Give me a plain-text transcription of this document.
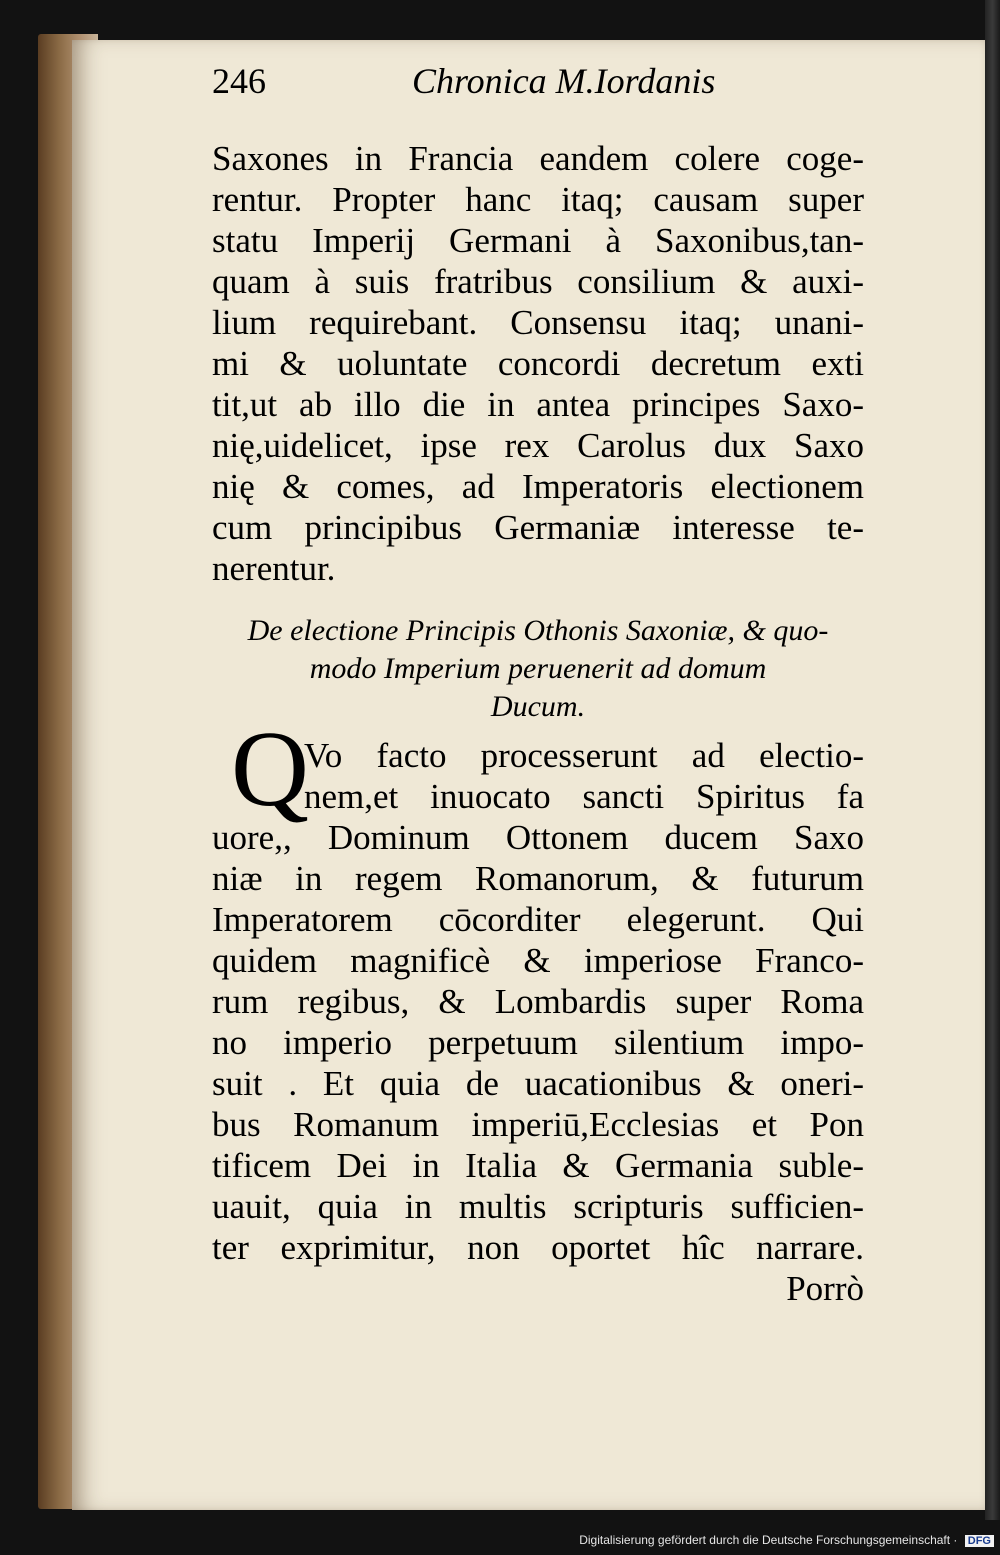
246	Chronica M.Iordanis
Saxones in Francia eandem colere coge-
rentur. Propter hanc itaq; causam super
statu Imperij Germani à Saxonibus,tan-
quam à suis fratribus consilium & auxi-
lium requirebant. Consensu itaq; unani-
mi & uoluntate concordi decretum exti
tit,ut ab illo die in antea principes Saxo-
nię,uidelicet, ipse rex Carolus dux Saxo
nię & comes, ad Imperatoris electionem
cum principibus Germaniæ interesse te-
nerentur.
De electione Principis Othonis Saxoniæ, & quo-
modo Imperium peruenerit ad domum
Ducum.
Q
Vo facto processerunt ad electio-
nem,et inuocato sancti Spiritus fa
uore,, Dominum Ottonem ducem Saxo
niæ in regem Romanorum, & futurum
Imperatorem cōcorditer elegerunt. Qui
quidem magnificè & imperiose Franco-
rum regibus, & Lombardis super Roma
no imperio perpetuum silentium impo-
suit . Et quia de uacationibus & oneri-
bus Romanum imperiū,Ecclesias et Pon
tificem Dei in Italia & Germania suble-
uauit, quia in multis scripturis sufficien-
ter exprimitur, non oportet hîc narrare.
Porrò
Digitalisierung gefördert durch die Deutsche Forschungsgemeinschaft · DFG
